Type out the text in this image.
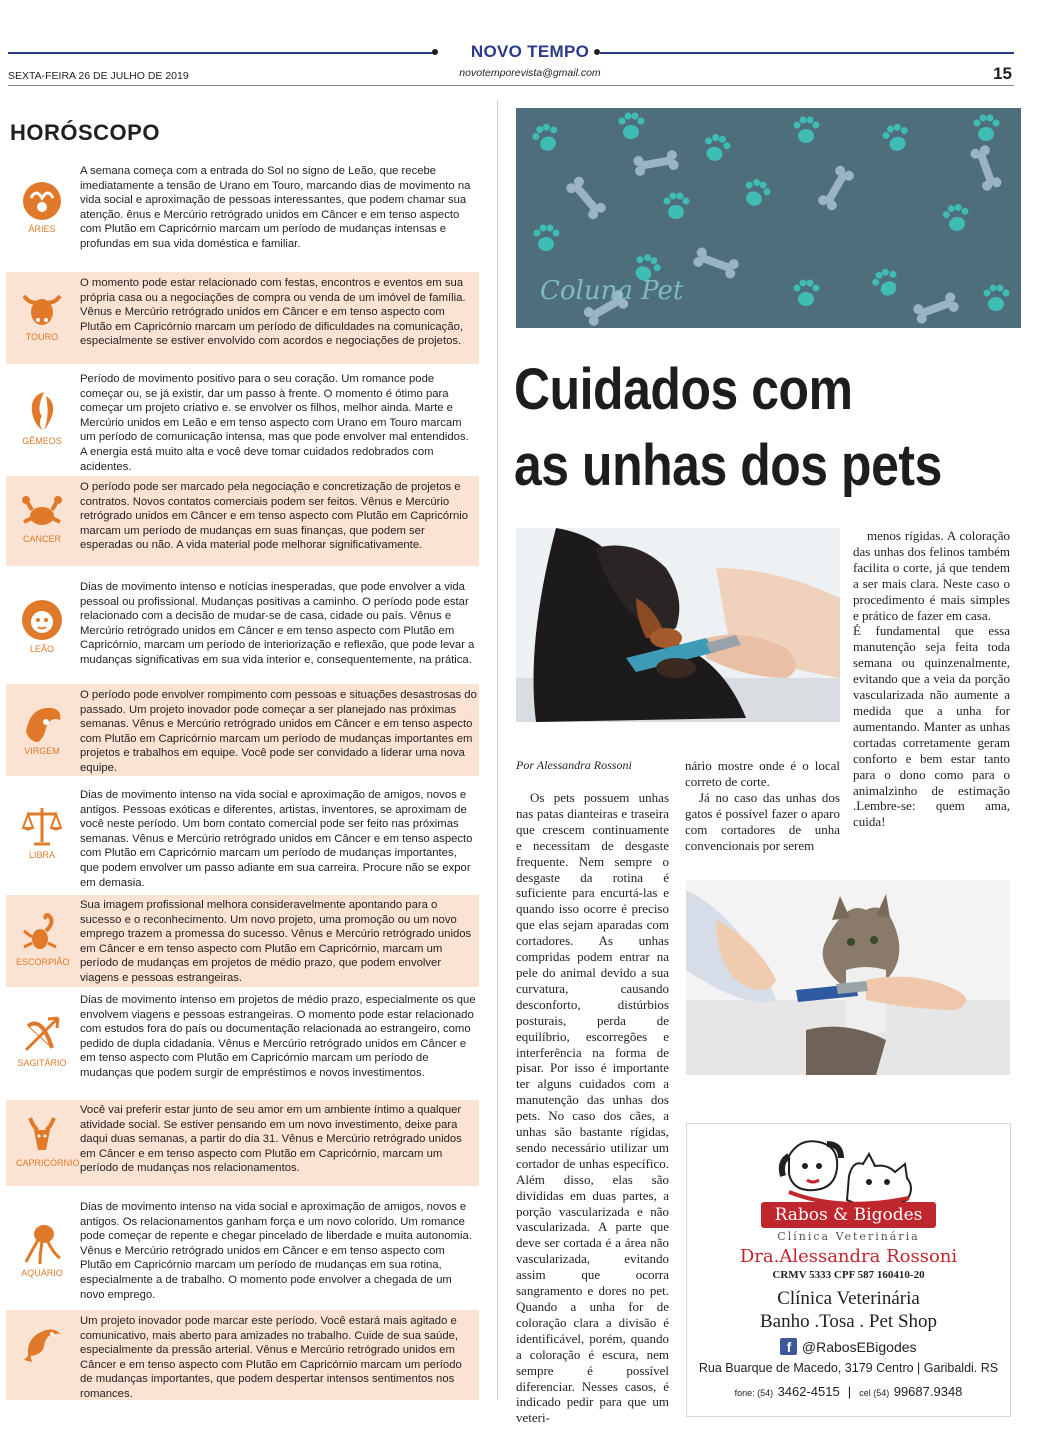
NOVO TEMPO
SEXTA-FEIRA 26 DE JULHO DE 2019	novotemporevista@gmail.com	15
HORÓSCOPO
ÁRIES
A semana começa com a entrada do Sol no signo de Leão, que recebe imediatamente a tensão de Urano em Touro, marcando dias de movimento na vida social e aproximação de pessoas interessantes, que podem chamar sua atenção. ênus e Mercúrio retrógrado unidos em Câncer e em tenso aspecto com Plutão em Capricórnio marcam um período de mudanças intensas e profundas em sua vida doméstica e familiar.
TOURO
O momento pode estar relacionado com festas, encontros e eventos em sua própria casa ou a negociações de compra ou venda de um imóvel de família. Vênus e Mercúrio retrógrado unidos em Câncer e em tenso aspecto com Plutão em Capricórnio marcam um período de dificuldades na comunicação, especialmente se estiver envolvido com acordos e negociações de projetos.
GÊMEOS
Período de movimento positivo para o seu coração. Um romance pode começar ou, se já existir, dar um passo à frente. O momento é ótimo para começar um projeto criativo e. se envolver os filhos, melhor ainda. Marte e Mercúrio unidos em Leão e em tenso aspecto com Urano em Touro marcam um período de comunicação intensa, mas que pode envolver mal entendidos. A energia está muito alta e você deve tomar cuidados redobrados com acidentes.
CANCER
O período pode ser marcado pela negociação e concretização de projetos e contratos. Novos contatos comerciais podem ser feitos. Vênus e Mercúrio retrógrado unidos em Câncer e em tenso aspecto com Plutão em Capricórnio marcam um período de mudanças em suas finanças, que podem ser esperadas ou não. A vida material pode melhorar significativamente.
LEÃO
Dias de movimento intenso e notícias inesperadas, que pode envolver a vida pessoal ou profissional. Mudanças positivas a caminho. O período pode estar relacionado com a decisão de mudar-se de casa, cidade ou país. Vênus e Mercúrio retrógrado unidos em Câncer e em tenso aspecto com Plutão em Capricórnio, marcam um período de interiorização e reflexão, que pode levar a mudanças significativas em sua vida interior e, consequentemente, na prática.
VIRGEM
O período pode envolver rompimento com pessoas e situações desastrosas do passado. Um projeto inovador pode começar a ser planejado nas próximas semanas. Vênus e Mercúrio retrógrado unidos em Câncer e em tenso aspecto com Plutão em Capricórnio marcam um período de mudanças importantes em projetos e trabalhos em equipe. Você pode ser convidado a liderar uma nova equipe.
LIBRA
Dias de movimento intenso na vida social e aproximação de amigos, novos e antigos. Pessoas exóticas e diferentes, artistas, inventores, se aproximam de você neste período. Um bom contato comercial pode ser feito nas próximas semanas. Vênus e Mercúrio retrógrado unidos em Câncer e em tenso aspecto com Plutão em Capricórnio marcam um período de mudanças importantes, que podem envolver um passo adiante em sua carreira. Procure não se expor em demasia.
ESCORPIÃO
Sua imagem profissional melhora consideravelmente apontando para o sucesso e o reconhecimento. Um novo projeto, uma promoção ou um novo emprego trazem a promessa do sucesso. Vênus e Mercúrio retrógrado unidos em Câncer e em tenso aspecto com Plutão em Capricórnio, marcam um período de mudanças em projetos de médio prazo, que podem envolver viagens e pessoas estrangeiras.
SAGITÁRIO
Dias de movimento intenso em projetos de médio prazo, especialmente os que envolvem viagens e pessoas estrangeiras. O momento pode estar relacionado com estudos fora do país ou documentação relacionada ao estrangeiro, como pedido de dupla cidadania. Vênus e Mercúrio retrógrado unidos em Câncer e em tenso aspecto com Plutão em Capricórnio marcam um período de mudanças que podem surgir de empréstimos e novos investimentos.
CAPRICÓRNIO
Você vai preferir estar junto de seu amor em um ambiente íntimo a qualquer atividade social. Se estiver pensando em um novo investimento, deixe para daqui duas semanas, a partir do dia 31. Vênus e Mercúrio retrógrado unidos em Câncer e em tenso aspecto com Plutão em Capricórnio, marcam um período de mudanças nos relacionamentos.
AQUÁRIO
Dias de movimento intenso na vida social e aproximação de amigos, novos e antigos. Os relacionamentos ganham força e um novo colorido. Um romance pode começar de repente e chegar pincelado de liberdade e muita autonomia. Vênus e Mercúrio retrógrado unidos em Câncer e em tenso aspecto com Plutão em Capricórnio marcam um período de mudanças em sua rotina, especialmente a de trabalho. O momento pode envolver a chegada de um novo emprego.
Um projeto inovador pode marcar este período. Você estará mais agitado e comunicativo, mais aberto para amizades no trabalho. Cuide de sua saúde, especialmente da pressão arterial. Vênus e Mercúrio retrógrado unidos em Câncer e em tenso aspecto com Plutão em Capricórnio marcam um período de mudanças importantes, que podem despertar intensos sentimentos nos romances.
Coluna Pet
Cuidados com
as unhas dos pets
Por Alessandra Rossoni

Os pets possuem unhas nas patas dianteiras e traseira que crescem continuamente e necessitam de desgaste frequente. Nem sempre o desgaste da rotina é suficiente para encurtá-las e quando isso ocorre é preciso que elas sejam aparadas com cortadores. As unhas compridas podem entrar na pele do animal devido a sua curvatura, causando desconforto, distúrbios posturais, perda de equilíbrio, escorregões e interferência na forma de pisar. Por isso é importante ter alguns cuidados com a manutenção das unhas dos pets. No caso dos cães, a unhas são bastante rígidas, sendo necessário utilizar um cortador de unhas específico. Além disso, elas são divididas em duas partes, a porção vascularizada e não vascularizada. A parte que deve ser cortada é a área não vascularizada, evitando assim que ocorra sangramento e dores no pet. Quando a unha for de coloração clara a divisão é identificável, porém, quando a coloração é escura, nem sempre é possível diferenciar. Nesses casos, é indicado pedir para que um veteri-

nário mostre onde é o local correto de corte.

Já no caso das unhas dos gatos é possível fazer o aparo com cortadores de unha convencionais por serem

menos rígidas. A coloração das unhas dos felinos também facilita o corte, já que tendem a ser mais clara. Neste caso o procedimento é mais simples e prático de fazer em casa.

É fundamental que essa manutenção seja feita toda semana ou quinzenalmente, evitando que a veia da porção vascularizada não aumente a medida que a unha for aumentando. Manter as unhas cortadas corretamente geram conforto e bem estar tanto para o dono como para o animalzinho de estimação .Lembre-se: quem ama, cuida!

Rabos & Bigodes
Clínica Veterinária
Dra.Alessandra Rossoni
CRMV 5333 CPF 587 160410-20
Clínica Veterinária
Banho .Tosa . Pet Shop
f @RabosEBigodes
Rua Buarque de Macedo, 3179 Centro | Garibaldi. RS
fone: (54) 3462-4515  |  cel (54) 99687.9348
